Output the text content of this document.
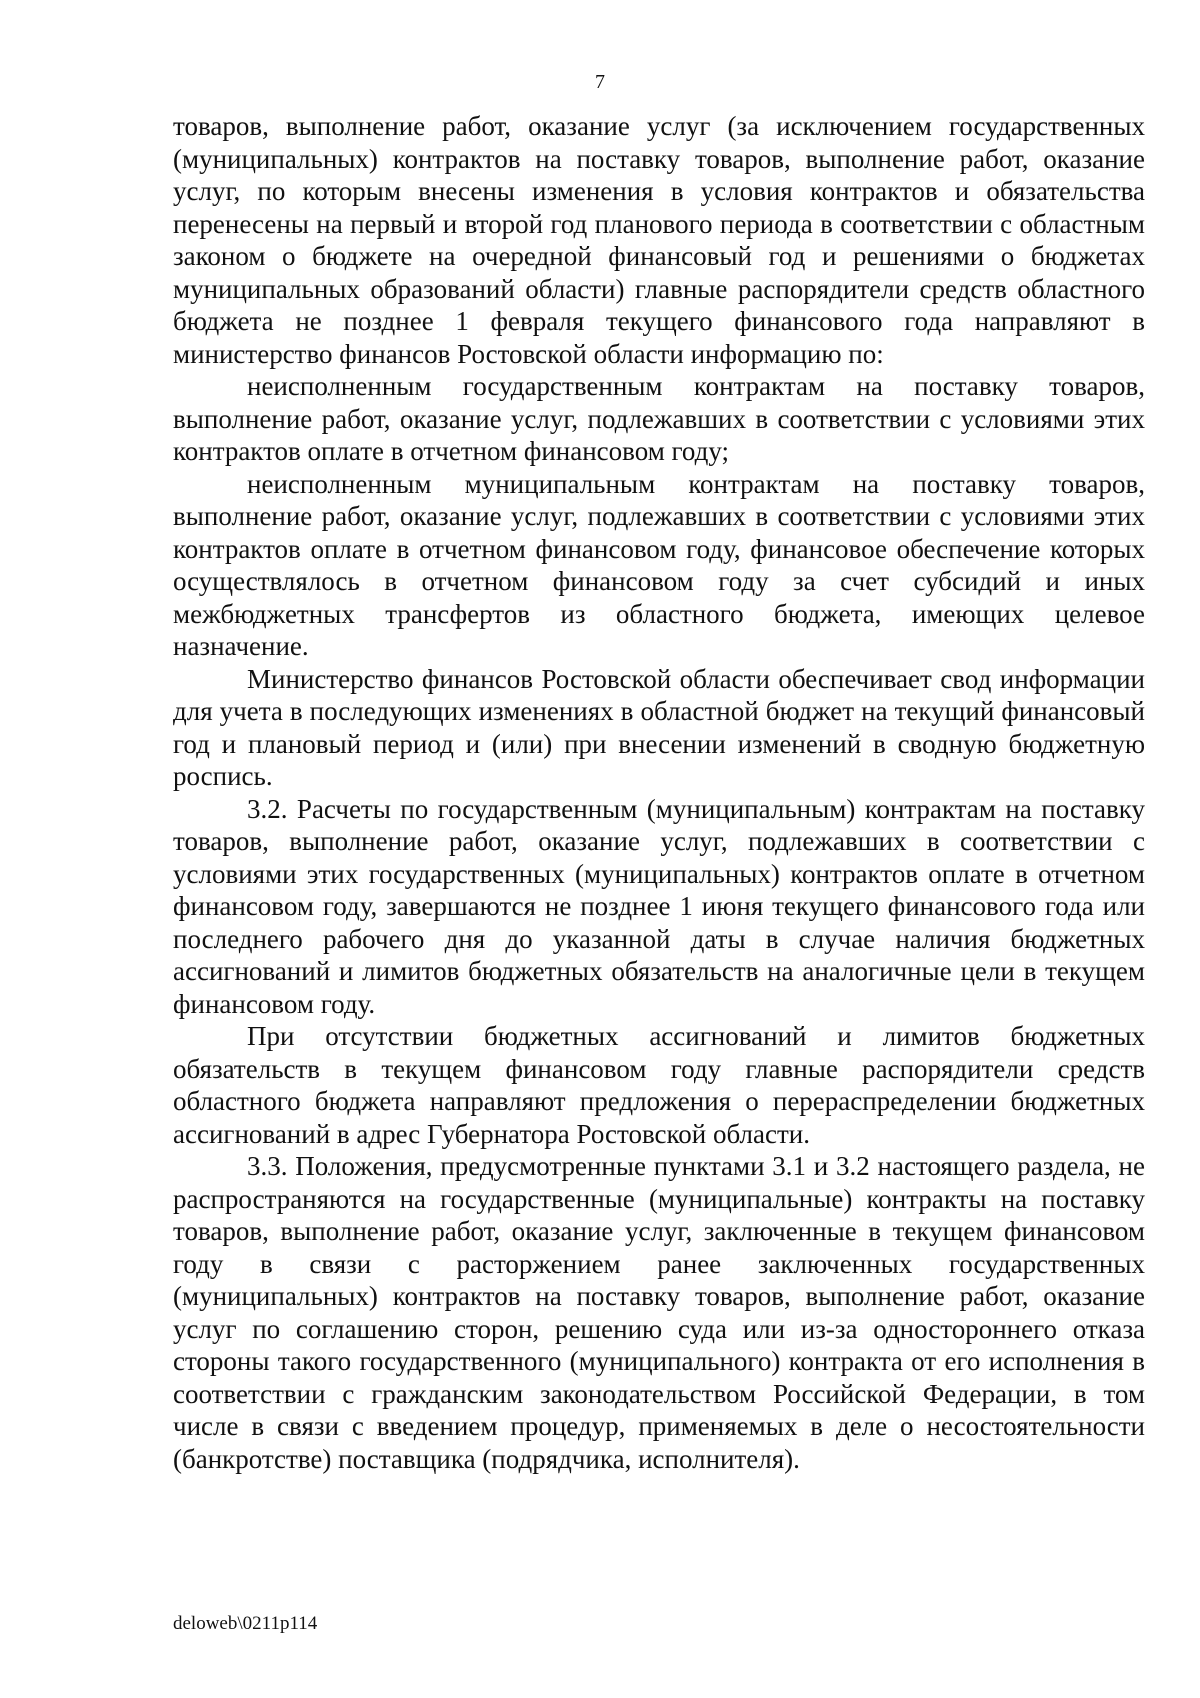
7

товаров, выполнение работ, оказание услуг (за исключением государственных (муниципальных) контрактов на поставку товаров, выполнение работ, оказание услуг, по которым внесены изменения в условия контрактов и обязательства перенесены на первый и второй год планового периода в соответствии с областным законом о бюджете на очередной финансовый год и решениями о бюджетах муниципальных образований области) главные распорядители средств областного бюджета не позднее 1 февраля текущего финансового года направляют в министерство финансов Ростовской области информацию по:

неисполненным государственным контрактам на поставку товаров, выполнение работ, оказание услуг, подлежавших в соответствии с условиями этих контрактов оплате в отчетном финансовом году;

неисполненным муниципальным контрактам на поставку товаров, выполнение работ, оказание услуг, подлежавших в соответствии с условиями этих контрактов оплате в отчетном финансовом году, финансовое обеспечение которых осуществлялось в отчетном финансовом году за счет субсидий и иных межбюджетных трансфертов из областного бюджета, имеющих целевое назначение.

Министерство финансов Ростовской области обеспечивает свод информации для учета в последующих изменениях в областной бюджет на текущий финансовый год и плановый период и (или) при внесении изменений в сводную бюджетную роспись.

3.2. Расчеты по государственным (муниципальным) контрактам на поставку товаров, выполнение работ, оказание услуг, подлежавших в соответствии с условиями этих государственных (муниципальных) контрактов оплате в отчетном финансовом году, завершаются не позднее 1 июня текущего финансового года или последнего рабочего дня до указанной даты в случае наличия бюджетных ассигнований и лимитов бюджетных обязательств на аналогичные цели в текущем финансовом году.

При отсутствии бюджетных ассигнований и лимитов бюджетных обязательств в текущем финансовом году главные распорядители средств областного бюджета направляют предложения о перераспределении бюджетных ассигнований в адрес Губернатора Ростовской области.

3.3. Положения, предусмотренные пунктами 3.1 и 3.2 настоящего раздела, не распространяются на государственные (муниципальные) контракты на поставку товаров, выполнение работ, оказание услуг, заключенные в текущем финансовом году в связи с расторжением ранее заключенных государственных (муниципальных) контрактов на поставку товаров, выполнение работ, оказание услуг по соглашению сторон, решению суда или из-за одностороннего отказа стороны такого государственного (муниципального) контракта от его исполнения в соответствии с гражданским законодательством Российской Федерации, в том числе в связи с введением процедур, применяемых в деле о несостоятельности (банкротстве) поставщика (подрядчика, исполнителя).

deloweb\0211p114
